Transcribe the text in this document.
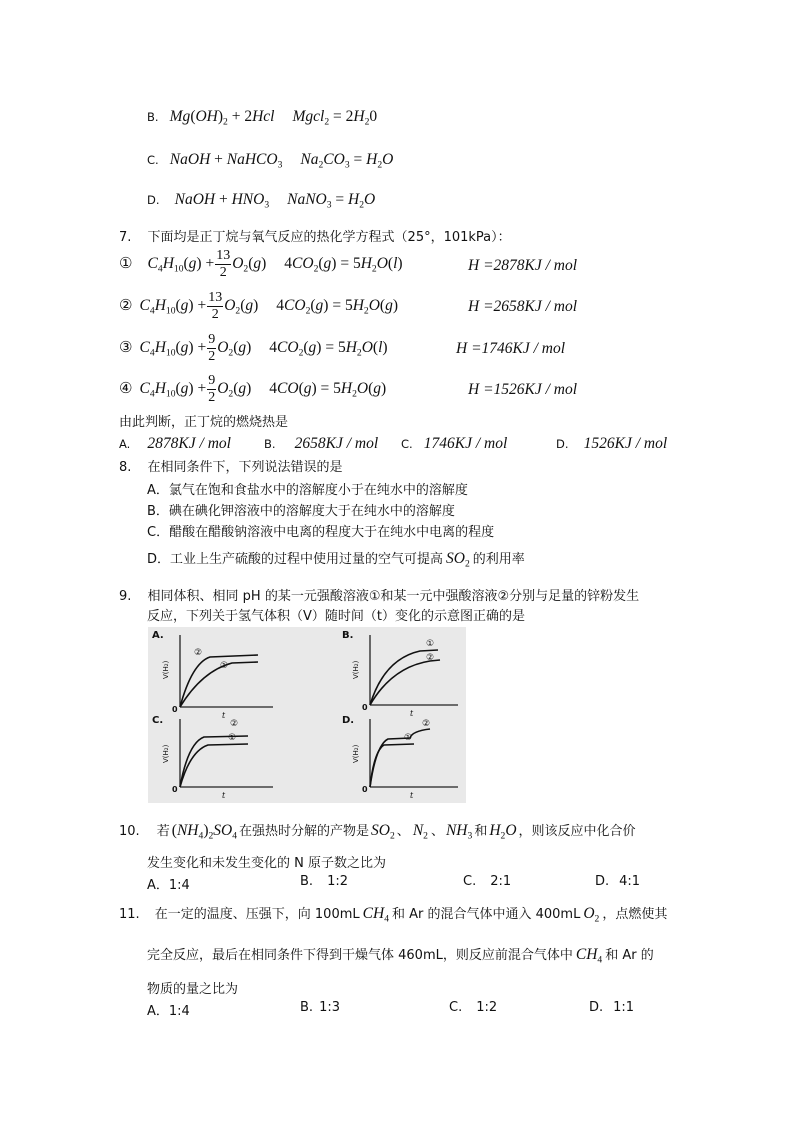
B. $Mg(OH)_2 + 2Hcl$ Mgcl$_2$ = $2H_20$
C. NaOH + NaHCO$_3$ $Na_2CO_3 = H_2O$
D. NaOH + $HNO_3$ NaNO$_3$ = $H_2O$
7. 下面均是正丁烷与氧气反应的热化学方程式（25°，101kPa）：
① $C_4H_{10}(g) + \frac{13}{2} O_2(g) 4CO_2(g) = 5H_2O(l)$	H =2878KJ / mol
② $C_4H_{10}(g) + \frac{13}{2} O_2(g) 4CO_2(g) = 5H_2O(g)$	H =2658KJ / mol
③ $C_4H_{10}(g) + \frac{9}{2} O_2(g) 4CO_2(g) = 5H_2O(l)$	H =1746KJ / mol
④ $C_4H_{10}(g) + \frac{9}{2} O_2(g) 4CO(g) = 5H_2O(g)$	H =1526KJ / mol
由此判断，正丁烷的燃烧热是
A. 2878KJ / mol	B. 2658KJ / mol C. 1746KJ / mol	D. 1526KJ / mol
8. 在相同条件下，下列说法错误的是
A．氯气在饱和食盐水中的溶解度小于在纯水中的溶解度
B．碘在碘化钾溶液中的溶解度大于在纯水中的溶解度
C．醋酸在醋酸钠溶液中电离的程度大于在纯水中电离的程度
D．工业上生产硫酸的过程中使用过量的空气可提高 $SO_2$ 的利用率
9. 相同体积、相同 pH 的某一元强酸溶液①和某一元中强酸溶液②分别与足量的锌粉发生
反应，下列关于氢气体积（V）随时间（t）变化的示意图正确的是
A.	B.
C.	D.
V(H₂)	V(H₂)
V(H₂)	V(H₂)
0	0
0	0
t	t
t	t
②
①
①
②
②
①
②
①
10. 若 $(NH_4)_2SO_4$ 在强热时分解的产物是 $SO_2$ 、 $N_2$ 、 $NH_3$ 和 $H_2O$ ，则该反应中化合价
发生变化和未发生变化的 N 原子数之比为
A．1:4	B. 1:2	C. 2:1	D. 4:1
11. 在一定的温度、压强下，向 100mL $CH_4$ 和 Ar 的混合气体中通入 400mL $O_2$ ，点燃使其
完全反应，最后在相同条件下得到干燥气体 460mL，则反应前混合气体中 $CH_4$ 和 Ar 的
物质的量之比为
A．1:4	B. 1:3	C. 1:2	D. 1:1
